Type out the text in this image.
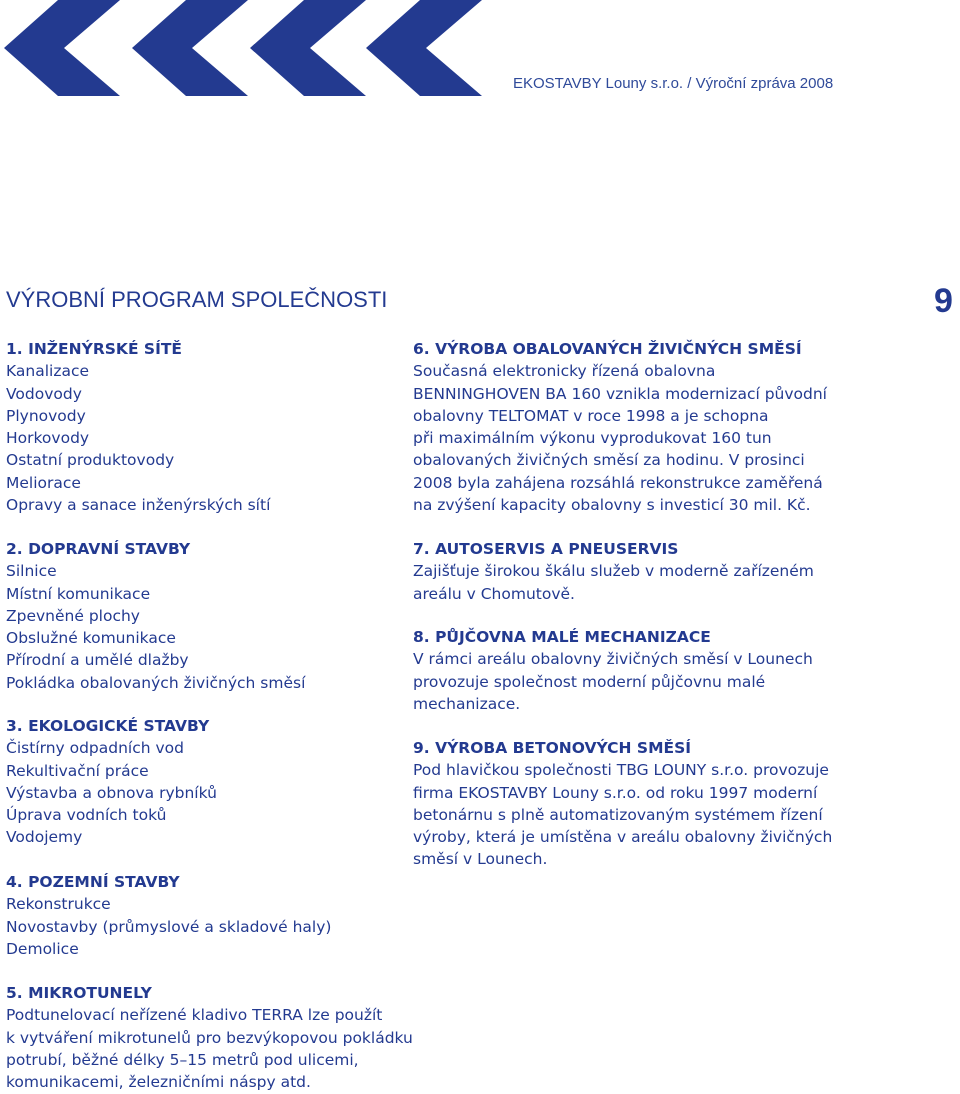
EKOSTAVBY Louny s.r.o. / Výroční zpráva 2008
VÝROBNÍ PROGRAM SPOLEČNOSTI	9
1. INŽENÝRSKÉ SÍTĚ
Kanalizace
Vodovody
Plynovody
Horkovody
Ostatní produktovody
Meliorace
Opravy a sanace inženýrských sítí
2. DOPRAVNÍ STAVBY
Silnice
Místní komunikace
Zpevněné plochy
Obslužné komunikace
Přírodní a umělé dlažby
Pokládka obalovaných živičných směsí
3. EKOLOGICKÉ STAVBY
Čistírny odpadních vod
Rekultivační práce
Výstavba a obnova rybníků
Úprava vodních toků
Vodojemy
4. POZEMNÍ STAVBY
Rekonstrukce
Novostavby (průmyslové a skladové haly)
Demolice
5. MIKROTUNELY
Podtunelovací neřízené kladivo TERRA lze použít
k vytváření mikrotunelů pro bezvýkopovou pokládku
potrubí, běžné délky 5–15 metrů pod ulicemi,
komunikacemi, železničními náspy atd.
6. VÝROBA OBALOVANÝCH ŽIVIČNÝCH SMĚSÍ
Současná elektronicky řízená obalovna
BENNINGHOVEN BA 160 vznikla modernizací původní
obalovny TELTOMAT v roce 1998 a je schopna
při maximálním výkonu vyprodukovat 160 tun
obalovaných živičných směsí za hodinu. V prosinci
2008 byla zahájena rozsáhlá rekonstrukce zaměřená
na zvýšení kapacity obalovny s investicí 30 mil. Kč.
7. AUTOSERVIS A PNEUSERVIS
Zajišťuje širokou škálu služeb v moderně zařízeném
areálu v Chomutově.
8. PŮJČOVNA MALÉ MECHANIZACE
V rámci areálu obalovny živičných směsí v Lounech
provozuje společnost moderní půjčovnu malé
mechanizace.
9. VÝROBA BETONOVÝCH SMĚSÍ
Pod hlavičkou společnosti TBG LOUNY s.r.o. provozuje
firma EKOSTAVBY Louny s.r.o. od roku 1997 moderní
betonárnu s plně automatizovaným systémem řízení
výroby, která je umístěna v areálu obalovny živičných
směsí v Lounech.
